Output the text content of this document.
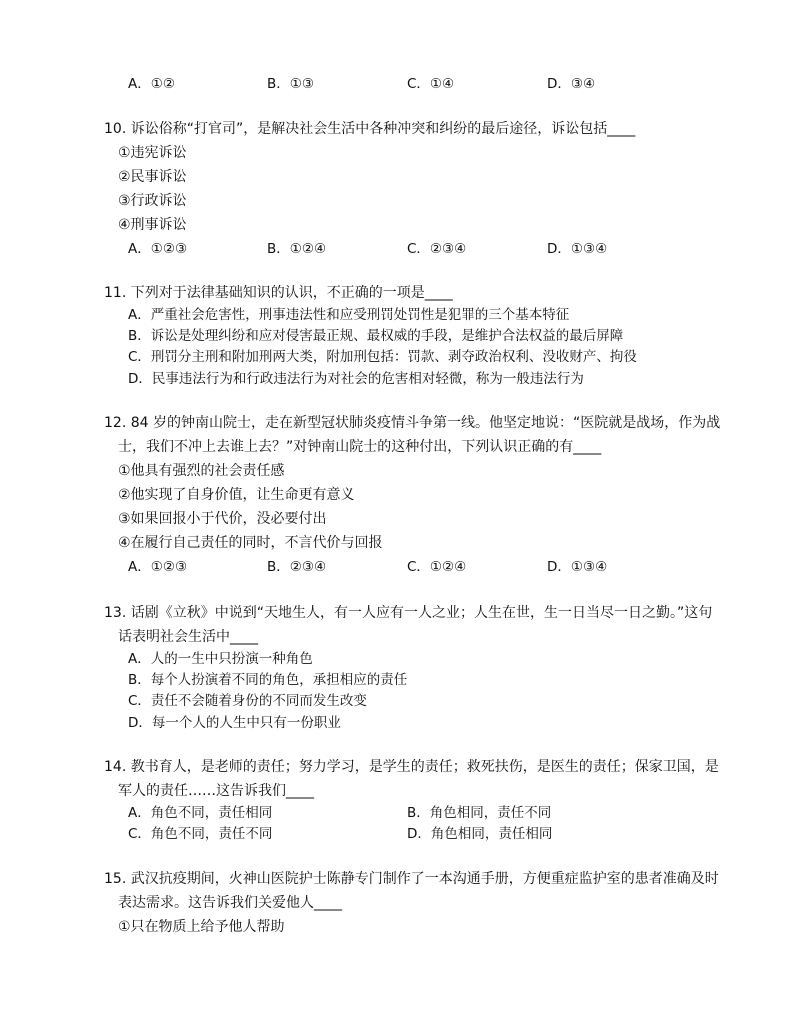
A．①②	B．①③	C．①④	D．③④
10. 诉讼俗称“打官司”，是解决社会生活中各种冲突和纠纷的最后途径，诉讼包括____
①违宪诉讼
②民事诉讼
③行政诉讼
④刑事诉讼
A．①②③	B．①②④	C．②③④	D．①③④
11. 下列对于法律基础知识的认识，不正确的一项是____
A．严重社会危害性，刑事违法性和应受刑罚处罚性是犯罪的三个基本特征
B．诉讼是处理纠纷和应对侵害最正规、最权威的手段，是维护合法权益的最后屏障
C．刑罚分主刑和附加刑两大类，附加刑包括：罚款、剥夺政治权利、没收财产、拘役
D．民事违法行为和行政违法行为对社会的危害相对轻微，称为一般违法行为
12. 84 岁的钟南山院士，走在新型冠状肺炎疫情斗争第一线。他坚定地说：“医院就是战场，作为战
士，我们不冲上去谁上去？”对钟南山院士的这种付出，下列认识正确的有____
①他具有强烈的社会责任感
②他实现了自身价值，让生命更有意义
③如果回报小于代价，没必要付出
④在履行自己责任的同时，不言代价与回报
A．①②③	B．②③④	C．①②④	D．①③④
13. 话剧《立秋》中说到“天地生人，有一人应有一人之业；人生在世，生一日当尽一日之勤。”这句
话表明社会生活中____
A．人的一生中只扮演一种角色
B．每个人扮演着不同的角色，承担相应的责任
C．责任不会随着身份的不同而发生改变
D．每一个人的人生中只有一份职业
14. 教书育人，是老师的责任；努力学习，是学生的责任；救死扶伤，是医生的责任；保家卫国，是
军人的责任……这告诉我们____
A．角色不同，责任相同	B．角色相同，责任不同
C．角色不同，责任不同	D．角色相同，责任相同
15. 武汉抗疫期间，火神山医院护士陈静专门制作了一本沟通手册，方便重症监护室的患者准确及时
表达需求。这告诉我们关爱他人____
①只在物质上给予他人帮助
